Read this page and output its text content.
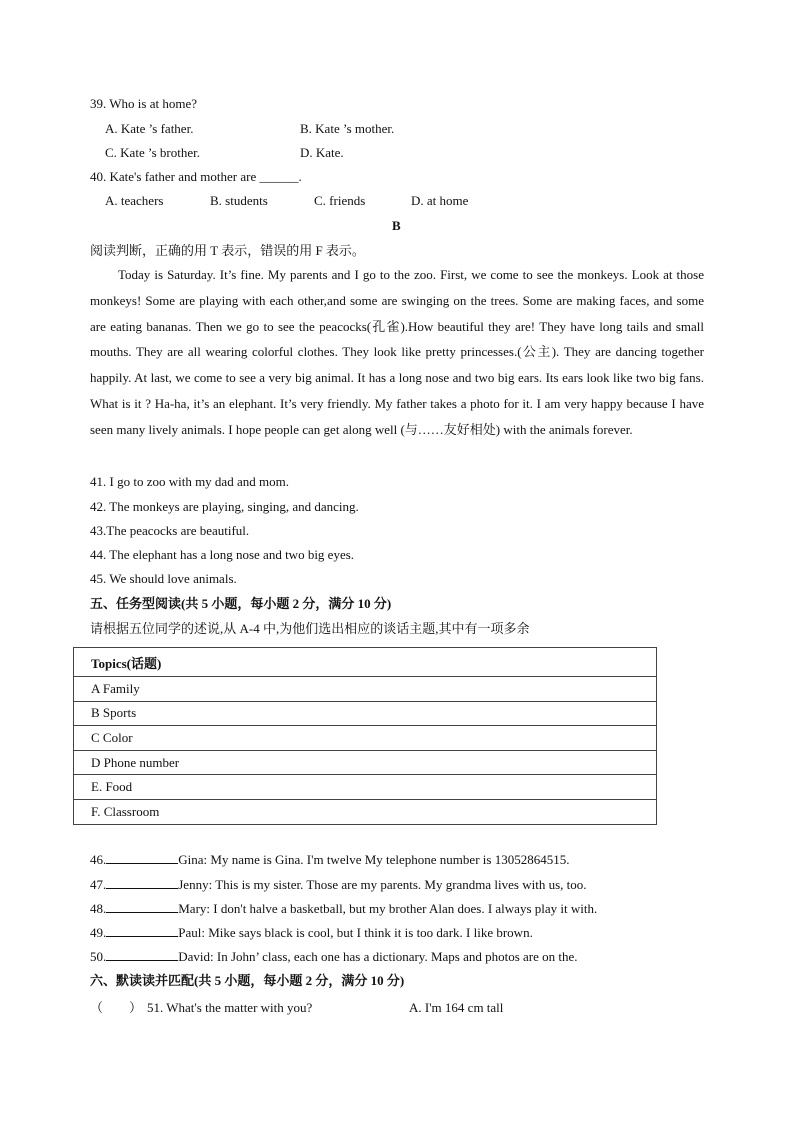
39. Who is at home?
A. Kate ’s father.	B. Kate ’s mother.
C. Kate ’s brother.	D. Kate.
40. Kate's father and mother are ______.
A. teachers	B. students	C. friends	D. at home
B
阅读判断，正确的用 T 表示，错误的用 F 表示。
Today is Saturday. It’s fine. My parents and I go to the zoo. First, we come to see the monkeys. Look at those monkeys! Some are playing with each other,and some are swinging on the trees. Some are making faces, and some are eating bananas. Then we go to see the peacocks(孔雀).How beautiful they are! They have long tails and small mouths. They are all wearing colorful clothes. They look like pretty princesses.(公主). They are dancing together happily. At last, we come to see a very big animal. It has a long nose and two big ears. Its ears look like two big fans. What is it ? Ha-ha, it’s an elephant. It’s very friendly. My father takes a photo for it. I am very happy because I have seen many lively animals. I hope people can get along well (与……友好相处) with the animals forever.
41. I go to zoo with my dad and mom.
42. The monkeys are playing, singing, and dancing.
43.The peacocks are beautiful.
44. The elephant has a long nose and two big eyes.
45. We should love animals.
五、任务型阅读(共 5 小题，每小题 2 分，满分 10 分)
请根据五位同学的述说,从 A-4 中,为他们选出相应的谈话主题,其中有一项多余
Topics(话题)
A Family
B Sports
C Color
D Phone number
E. Food
F. Classroom
46.	Gina: My name is Gina. I'm twelve My telephone number is 13052864515.
47.	Jenny: This is my sister. Those are my parents. My grandma lives with us, too.
48.	Mary: I don't halve a basketball, but my brother Alan does. I always play it with.
49.	Paul: Mike says black is cool, but I think it is too dark. I like brown.
50.	David: In John’ class, each one has a dictionary. Maps and photos are on the.
六、默读读并匹配(共 5 小题，每小题 2 分，满分 10 分)
（　　） 51. What's the matter with you?	A. I'm 164 cm tall
